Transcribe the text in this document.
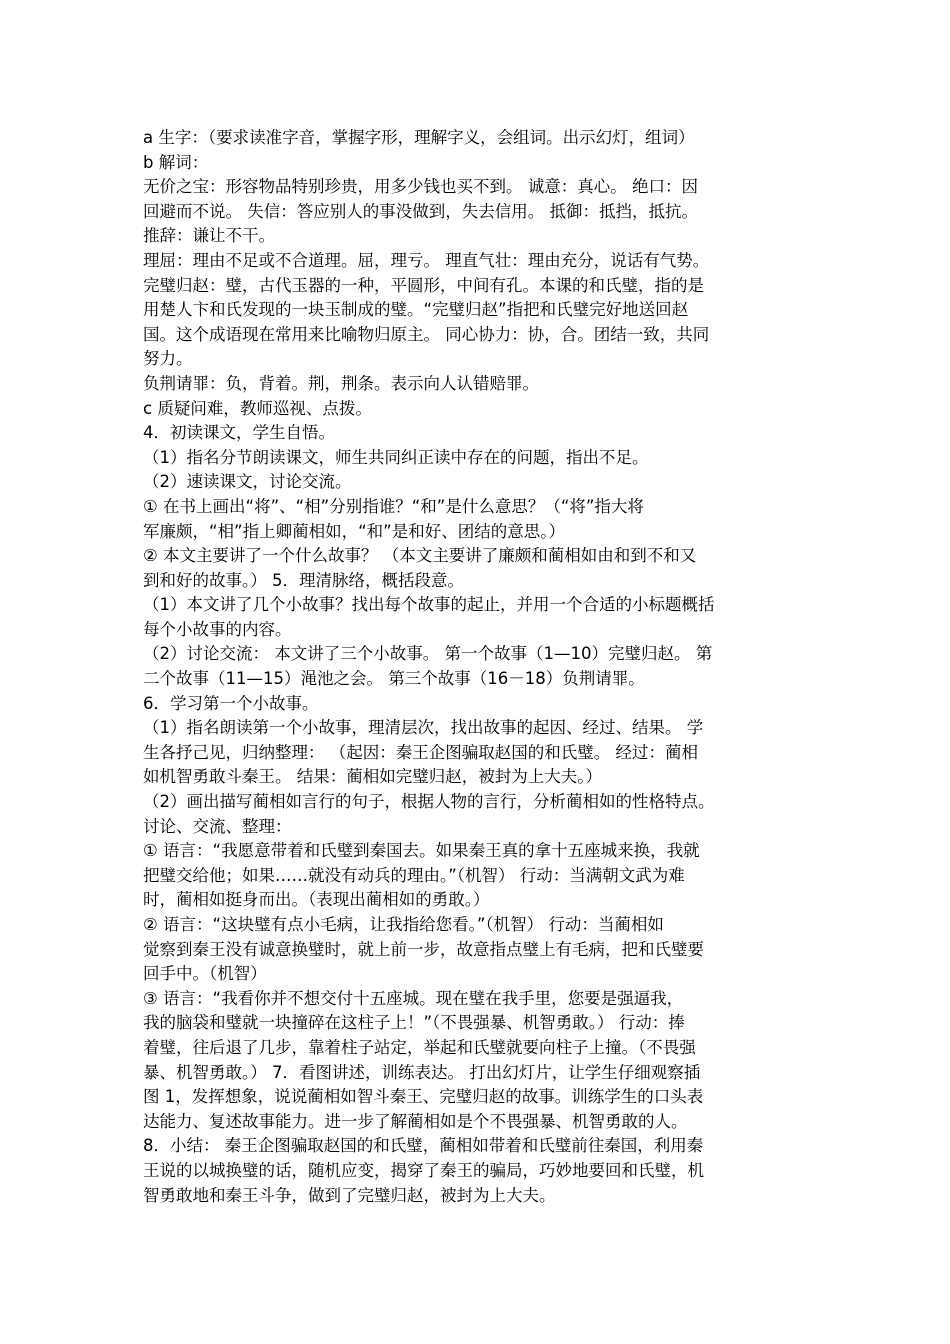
a 生字：（要求读准字音，掌握字形，理解字义，会组词。出示幻灯，组词）
b 解词：
无价之宝：形容物品特别珍贵，用多少钱也买不到。 诚意：真心。 绝口：因
回避而不说。 失信：答应别人的事没做到，失去信用。 抵御：抵挡，抵抗。
推辞：谦让不干。
理屈：理由不足或不合道理。屈，理亏。 理直气壮：理由充分，说话有气势。
完璧归赵：璧，古代玉器的一种，平圆形，中间有孔。本课的和氏璧，指的是
用楚人卞和氏发现的一块玉制成的璧。“完璧归赵”指把和氏璧完好地送回赵
国。这个成语现在常用来比喻物归原主。 同心协力：协，合。团结一致，共同
努力。
负荆请罪：负，背着。荆，荆条。表示向人认错赔罪。
c 质疑问难，教师巡视、点拨。
4．初读课文，学生自悟。
（1）指名分节朗读课文，师生共同纠正读中存在的问题，指出不足。
（2）速读课文，讨论交流。
① 在书上画出“将”、“相”分别指谁？“和”是什么意思？（“将”指大将
军廉颇，“相”指上卿蔺相如，“和”是和好、团结的意思。）
② 本文主要讲了一个什么故事？ （本文主要讲了廉颇和蔺相如由和到不和又
到和好的故事。） 5．理清脉络，概括段意。
（1）本文讲了几个小故事？找出每个故事的起止，并用一个合适的小标题概括
每个小故事的内容。
（2）讨论交流： 本文讲了三个小故事。 第一个故事（1—10）完璧归赵。 第
二个故事（11—15）渑池之会。 第三个故事（16－18）负荆请罪。
6．学习第一个小故事。
（1）指名朗读第一个小故事，理清层次，找出故事的起因、经过、结果。 学
生各抒己见，归纳整理： （起因：秦王企图骗取赵国的和氏璧。 经过：蔺相
如机智勇敢斗秦王。 结果：蔺相如完璧归赵，被封为上大夫。）
（2）画出描写蔺相如言行的句子，根据人物的言行，分析蔺相如的性格特点。
讨论、交流、整理：
① 语言：“我愿意带着和氏璧到秦国去。如果秦王真的拿十五座城来换，我就
把璧交给他；如果……就没有动兵的理由。”（机智） 行动：当满朝文武为难
时，蔺相如挺身而出。（表现出蔺相如的勇敢。）
② 语言：“这块璧有点小毛病，让我指给您看。”（机智） 行动：当蔺相如
觉察到秦王没有诚意换璧时，就上前一步，故意指点璧上有毛病，把和氏璧要
回手中。（机智）
③ 语言：“我看你并不想交付十五座城。现在璧在我手里，您要是强逼我，
我的脑袋和璧就一块撞碎在这柱子上！”（不畏强暴、机智勇敢。） 行动：捧
着璧，往后退了几步，靠着柱子站定，举起和氏璧就要向柱子上撞。（不畏强
暴、机智勇敢。） 7．看图讲述，训练表达。 打出幻灯片，让学生仔细观察插
图 1，发挥想象，说说蔺相如智斗秦王、完璧归赵的故事。训练学生的口头表
达能力、复述故事能力。进一步了解蔺相如是个不畏强暴、机智勇敢的人。
8．小结： 秦王企图骗取赵国的和氏璧，蔺相如带着和氏璧前往秦国，利用秦
王说的以城换璧的话，随机应变，揭穿了秦王的骗局，巧妙地要回和氏璧，机
智勇敢地和秦王斗争，做到了完璧归赵，被封为上大夫。
